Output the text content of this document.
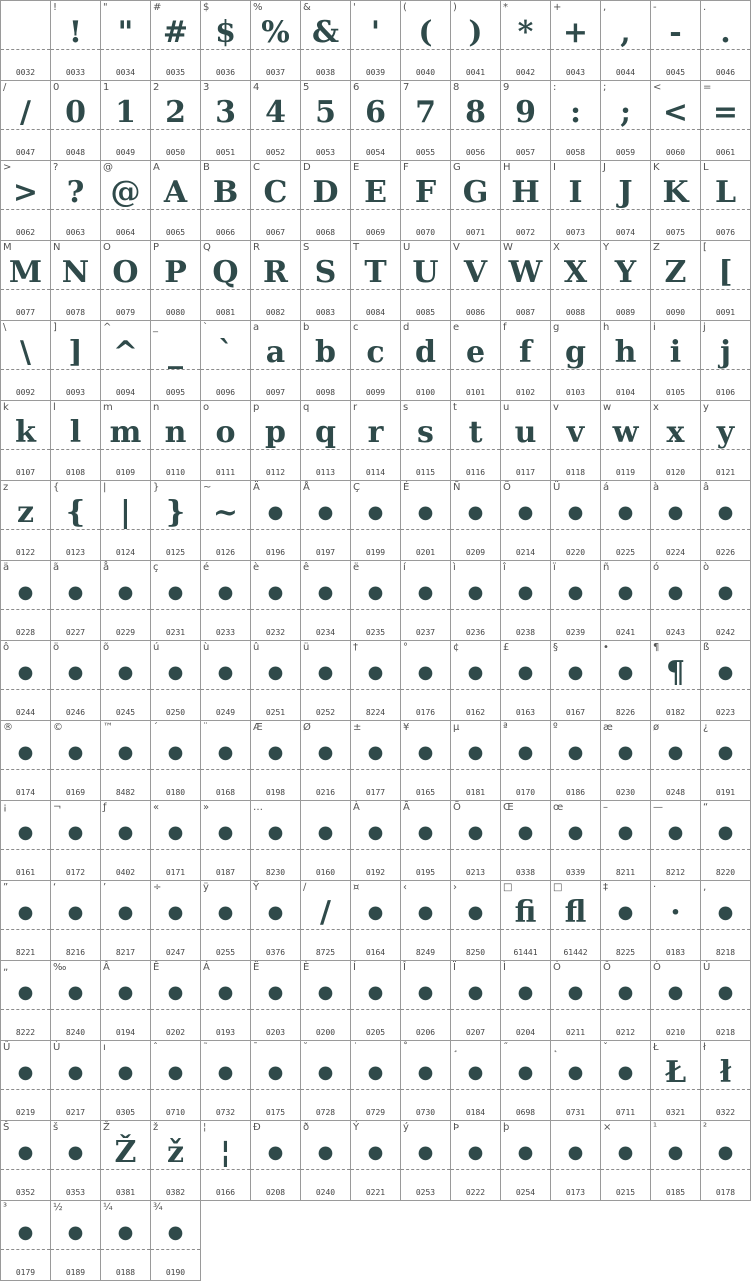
0032
!
!
0033
"
"
0034
#
#
0035
$
$
0036
%
%
0037
&
&
0038
'
'
0039
(
(
0040
)
)
0041
*
*
0042
+
+
0043
,
,
0044
-
-
0045
.
.
0046
/
/
0047
0
0
0048
1
1
0049
2
2
0050
3
3
0051
4
4
0052
5
5
0053
6
6
0054
7
7
0055
8
8
0056
9
9
0057
:
:
0058
;
;
0059
<
<
0060
=
=
0061
>
>
0062
?
?
0063
@
@
0064
A
A
0065
B
B
0066
C
C
0067
D
D
0068
E
E
0069
F
F
0070
G
G
0071
H
H
0072
I
I
0073
J
J
0074
K
K
0075
L
L
0076
M
M
0077
N
N
0078
O
O
0079
P
P
0080
Q
Q
0081
R
R
0082
S
S
0083
T
T
0084
U
U
0085
V
V
0086
W
W
0087
X
X
0088
Y
Y
0089
Z
Z
0090
[
[
0091
\
\
0092
]
]
0093
^
^
0094
_
_
0095
`
`
0096
a
a
0097
b
b
0098
c
c
0099
d
d
0100
e
e
0101
f
f
0102
g
g
0103
h
h
0104
i
i
0105
j
j
0106
k
k
0107
l
l
0108
m
m
0109
n
n
0110
o
o
0111
p
p
0112
q
q
0113
r
r
0114
s
s
0115
t
t
0116
u
u
0117
v
v
0118
w
w
0119
x
x
0120
y
y
0121
z
z
0122
{
{
0123
|
|
0124
}
}
0125
~
~
0126
Ä
●
0196
Å
●
0197
Ç
●
0199
É
●
0201
Ñ
●
0209
Ö
●
0214
Ü
●
0220
á
●
0225
à
●
0224
â
●
0226
ä
●
0228
ã
●
0227
å
●
0229
ç
●
0231
é
●
0233
è
●
0232
ê
●
0234
ë
●
0235
í
●
0237
ì
●
0236
î
●
0238
ï
●
0239
ñ
●
0241
ó
●
0243
ò
●
0242
ô
●
0244
ö
●
0246
õ
●
0245
ú
●
0250
ù
●
0249
û
●
0251
ü
●
0252
†
●
8224
°
●
0176
¢
●
0162
£
●
0163
§
●
0167
•
●
8226
¶
¶
0182
ß
●
0223
®
●
0174
©
●
0169
™
●
8482
´
●
0180
¨
●
0168
Æ
●
0198
Ø
●
0216
±
●
0177
¥
●
0165
µ
●
0181
ª
●
0170
º
●
0186
æ
●
0230
ø
●
0248
¿
●
0191
¡
●
0161
¬
●
0172
ƒ
●
0402
«
●
0171
»
●
0187
…
●
8230
●
0160
À
●
0192
Ã
●
0195
Õ
●
0213
Œ
●
0338
œ
●
0339
–
●
8211
—
●
8212
“
●
8220
”
●
8221
‘
●
8216
’
●
8217
÷
●
0247
ÿ
●
0255
Ÿ
●
0376
∕
∕
8725
¤
●
0164
‹
●
8249
›
●
8250
□
ﬁ
61441
□
ﬂ
61442
‡
●
8225
·
·
0183
‚
●
8218
„
●
8222
‰
●
8240
Â
●
0194
Ê
●
0202
Á
●
0193
Ë
●
0203
È
●
0200
Í
●
0205
Î
●
0206
Ï
●
0207
Ì
●
0204
Ó
●
0211
Ô
●
0212
Ò
●
0210
Ú
●
0218
Û
●
0219
Ù
●
0217
ı
●
0305
ˆ
●
0710
˜
●
0732
¯
●
0175
˘
●
0728
˙
●
0729
˚
●
0730
¸
●
0184
˝
●
0698
˛
●
0731
ˇ
●
0711
Ł
Ł
0321
ł
ł
0322
Š
●
0352
š
●
0353
Ž
Ž
0381
ž
ž
0382
¦
¦
0166
Ð
●
0208
ð
●
0240
Ý
●
0221
ý
●
0253
Þ
●
0222
þ
●
0254
●
0173
×
●
0215
¹
●
0185
²
●
0178
³
●
0179
½
●
0189
¼
●
0188
¾
●
0190
